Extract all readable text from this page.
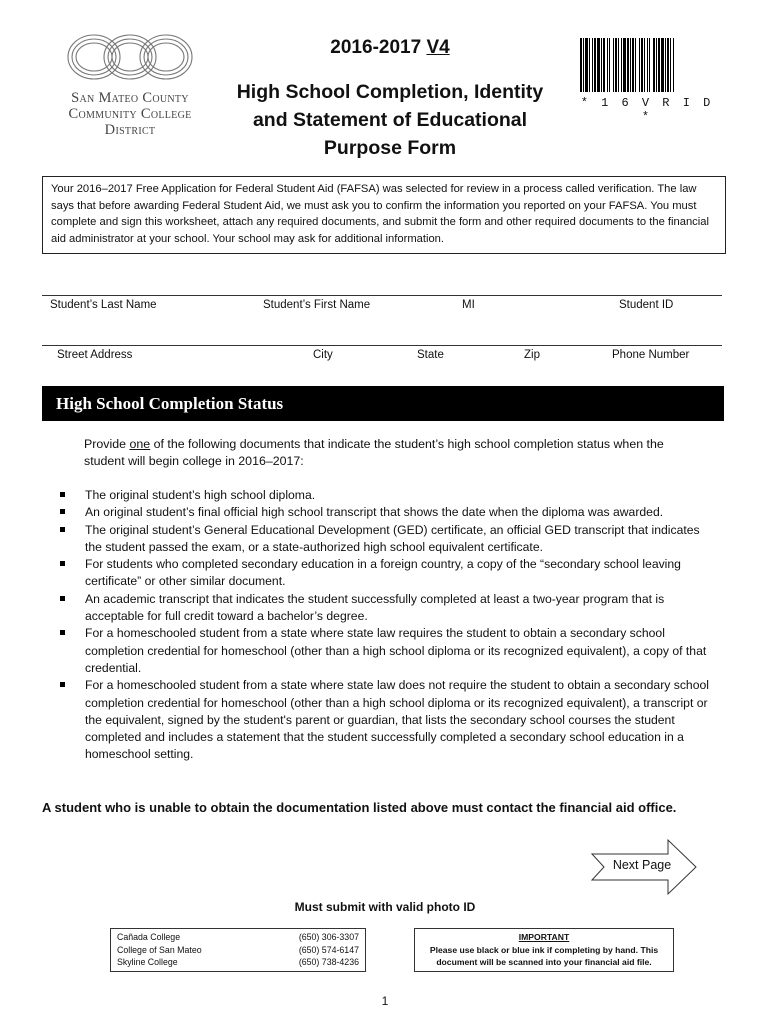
San Mateo County
Community College District
2016-2017 V4
High School Completion, Identity
and Statement of Educational
Purpose Form
* 1 6 V R I D *
Your 2016–2017 Free Application for Federal Student Aid (FAFSA) was selected for review in a process called verification. The law says that before awarding Federal Student Aid, we must ask you to confirm the information you reported on your FAFSA. You must complete and sign this worksheet, attach any required documents, and submit the form and other required documents to the financial aid administrator at your school. Your school may ask for additional information.
Student’s Last Name	Student’s First Name	MI	Student ID
Street Address	City	State	Zip	Phone Number
High School Completion Status
Provide one of the following documents that indicate the student’s high school completion status when the student will begin college in 2016–2017:
The original student’s high school diploma.
An original student’s final official high school transcript that shows the date when the diploma was awarded.
The original student’s General Educational Development (GED) certificate, an official GED transcript that indicates the student passed the exam, or a state-authorized high school equivalent certificate.
For students who completed secondary education in a foreign country, a copy of the “secondary school leaving certificate” or other similar document.
An academic transcript that indicates the student successfully completed at least a two-year program that is acceptable for full credit toward a bachelor’s degree.
For a homeschooled student from a state where state law requires the student to obtain a secondary school completion credential for homeschool (other than a high school diploma or its recognized equivalent), a copy of that credential.
For a homeschooled student from a state where state law does not require the student to obtain a secondary school completion credential for homeschool (other than a high school diploma or its recognized equivalent), a transcript or the equivalent, signed by the student's parent or guardian, that lists the secondary school courses the student completed and includes a statement that the student successfully completed a secondary school education in a homeschool setting.
A student who is unable to obtain the documentation listed above must contact the financial aid office.
Next Page
Must submit with valid photo ID
Cañada College	(650) 306-3307
College of San Mateo	(650) 574-6147
Skyline College	(650) 738-4236
IMPORTANT
Please use black or blue ink if completing by hand. This
document will be scanned into your financial aid file.
1
